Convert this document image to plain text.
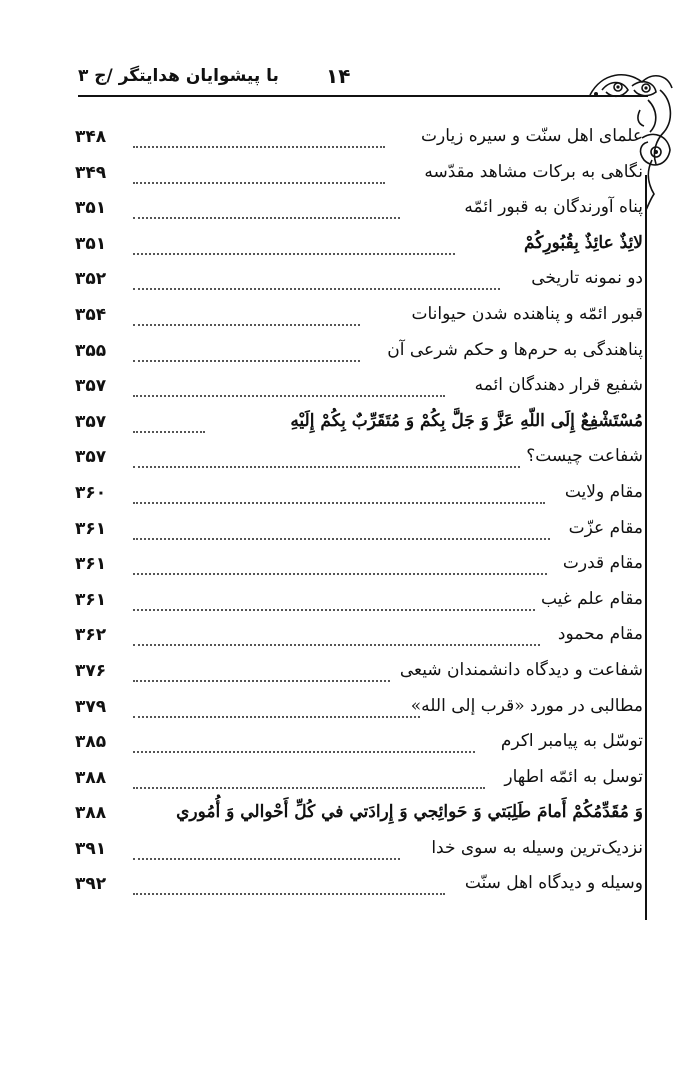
با پیشوایان هدایتگر /ج ۳ ۱۴
علمای اهل سنّت و سیره زیارت
۳۴۸
نگاهی به برکات مشاهد مقدّسه
۳۴۹
پناه آورندگان به قبور ائمّه
۳۵۱
لائِذٌ عائِذٌ بِقُبُورِكُمْ
۳۵۱
دو نمونه تاریخی
۳۵۲
قبور ائمّه و پناهنده شدن حیوانات
۳۵۴
پناهندگی به حرم‌ها و حکم شرعی آن
۳۵۵
شفیع قرار دهندگان ائمه
۳۵۷
مُسْتَشْفِعٌ إِلَى اللّهِ عَزَّ وَ جَلَّ بِكُمْ وَ مُتَقَرِّبٌ بِكُمْ إِلَيْهِ
۳۵۷
شفاعت چیست؟
۳۵۷
مقام ولایت
۳۶۰
مقام عزّت
۳۶۱
مقام قدرت
۳۶۱
مقام علم غیب
۳۶۱
مقام محمود
۳۶۲
شفاعت و دیدگاه دانشمندان شیعی
۳۷۶
مطالبی در مورد «قرب إلى الله»
۳۷۹
توسّل به پیامبر اکرم
۳۸۵
توسل به ائمّه اطهار
۳۸۸
وَ مُقَدِّمُكُمْ أَمامَ طَلِبَتي وَ حَوائِجي وَ إِرادَتي في كُلِّ أَحْوالي وَ أُمُوري
۳۸۸
نزدیک‌ترین وسیله به سوی خدا
۳۹۱
وسیله و دیدگاه اهل سنّت
۳۹۲
